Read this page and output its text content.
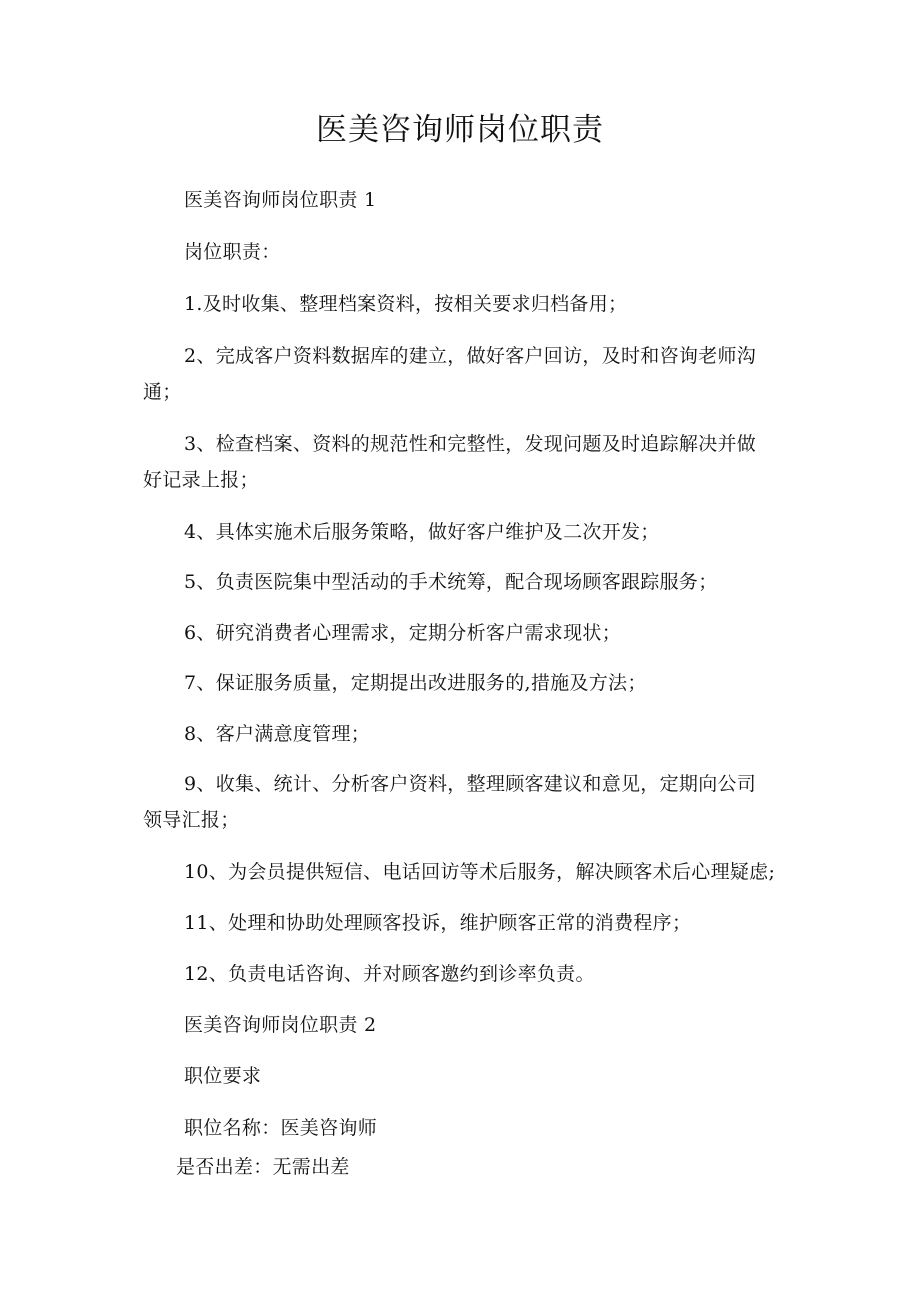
医美咨询师岗位职责
医美咨询师岗位职责 1
岗位职责：
1.及时收集、整理档案资料，按相关要求归档备用；
2、完成客户资料数据库的建立，做好客户回访，及时和咨询老师沟
通；
3、检查档案、资料的规范性和完整性，发现问题及时追踪解决并做
好记录上报；
4、具体实施术后服务策略，做好客户维护及二次开发；
5、负责医院集中型活动的手术统筹，配合现场顾客跟踪服务；
6、研究消费者心理需求，定期分析客户需求现状；
7、保证服务质量，定期提出改进服务的,措施及方法；
8、客户满意度管理；
9、收集、统计、分析客户资料，整理顾客建议和意见，定期向公司
领导汇报；
10、为会员提供短信、电话回访等术后服务，解决顾客术后心理疑虑;
11、处理和协助处理顾客投诉，维护顾客正常的消费程序；
12、负责电话咨询、并对顾客邀约到诊率负责。
医美咨询师岗位职责 2
职位要求
职位名称：医美咨询师
是否出差：无需出差
